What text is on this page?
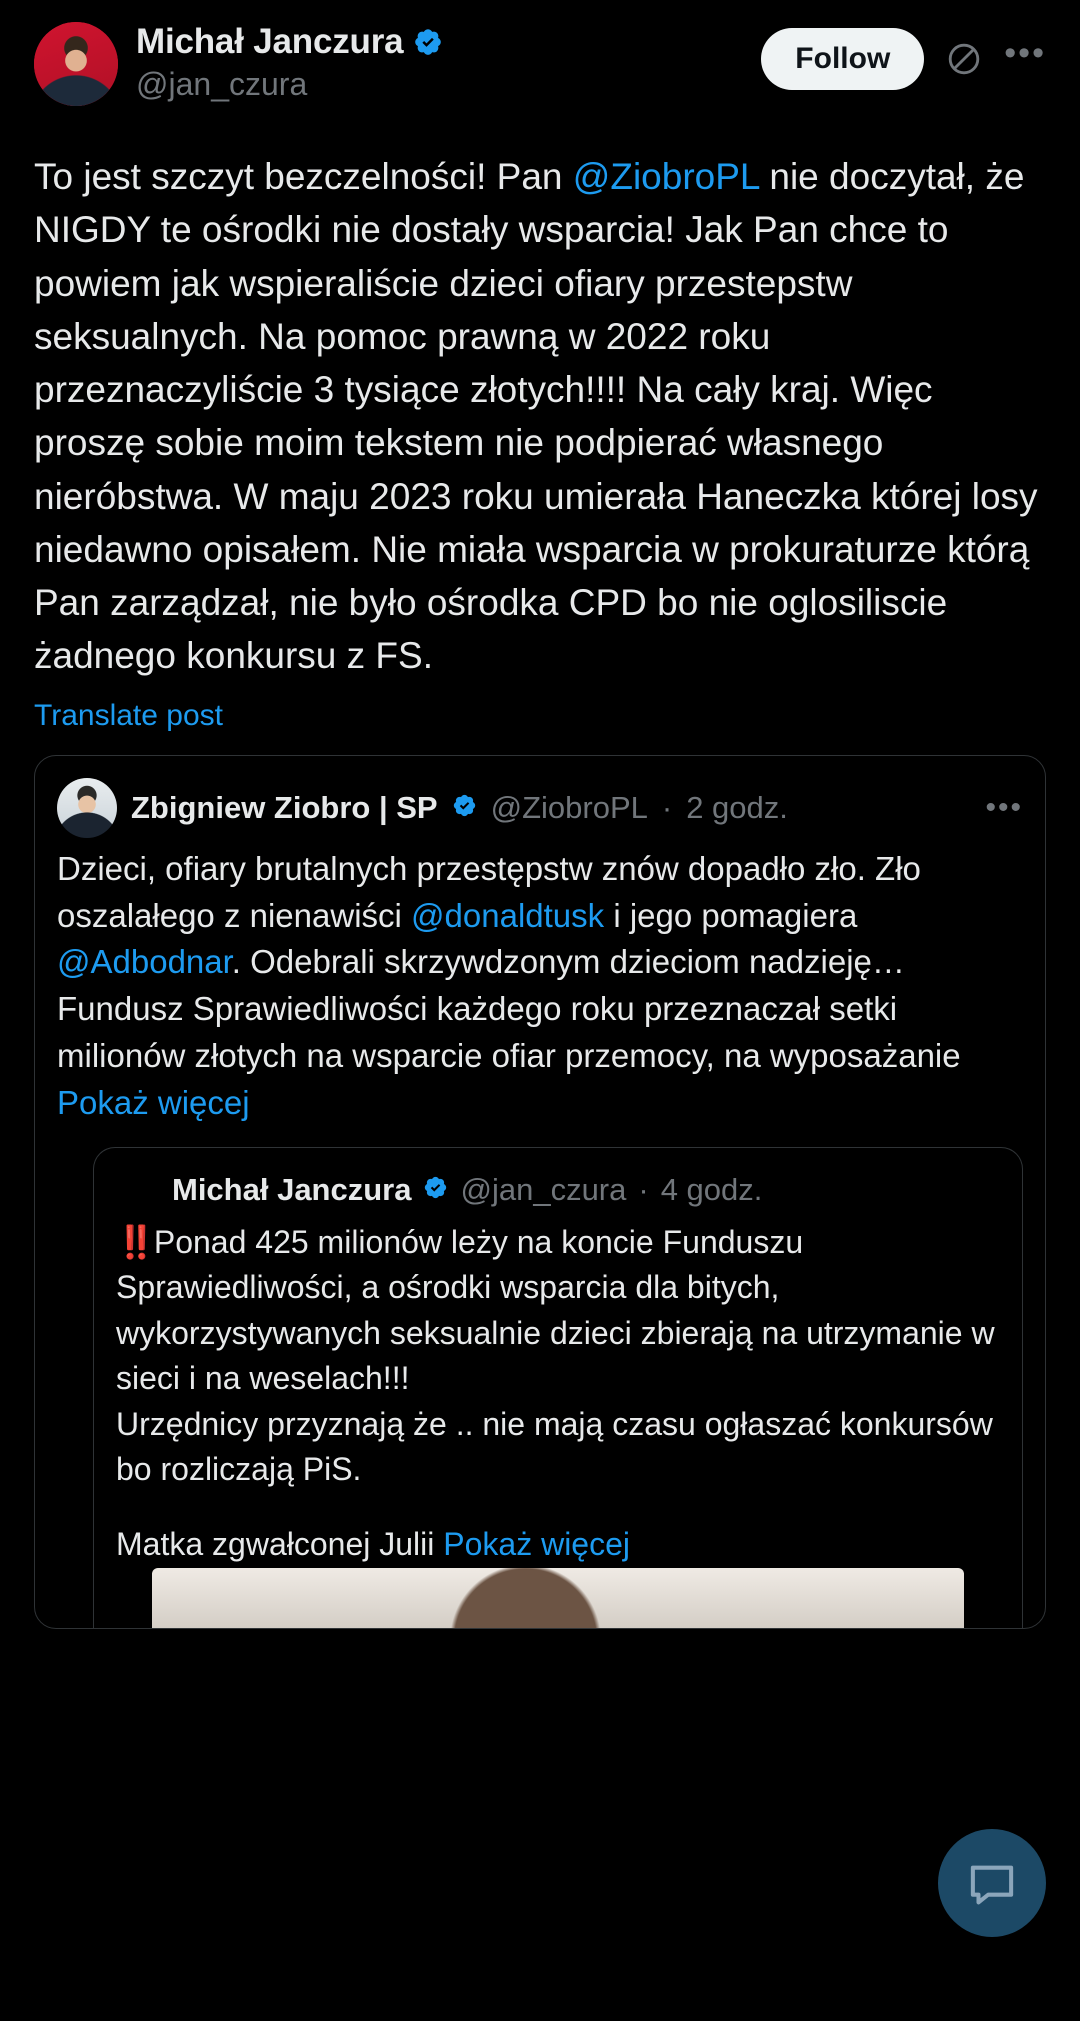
Michał Janczura
@jan_czura
Follow	•••
To jest szczyt bezczelności! Pan @ZiobroPL nie doczytał, że NIGDY te ośrodki nie dostały wsparcia! Jak Pan chce to powiem jak wspieraliście dzieci ofiary przestepstw seksualnych. Na pomoc prawną w 2022 roku przeznaczyliście 3 tysiące złotych!!!! Na cały kraj. Więc proszę sobie moim tekstem nie podpierać własnego nieróbstwa. W maju 2023 roku umierała Haneczka której losy niedawno opisałem. Nie miała wsparcia w prokuraturze którą Pan zarządzał, nie było ośrodka CPD bo nie oglosiliscie żadnego konkursu z FS.
Translate post
Zbigniew Ziobro | SP @ZiobroPL · 2 godz.	•••
Dzieci, ofiary brutalnych przestępstw znów dopadło zło. Zło oszalałego z nienawiści @donaldtusk i jego pomagiera @Adbodnar. Odebrali skrzywdzonym dzieciom nadzieję… Fundusz Sprawiedliwości każdego roku przeznaczał setki milionów złotych na wsparcie ofiar przemocy, na wyposażanie Pokaż więcej
Michał Janczura @jan_czura · 4 godz.
‼️Ponad 425 milionów leży na koncie Funduszu Sprawiedliwości, a ośrodki wsparcia dla bitych, wykorzystywanych seksualnie dzieci zbierają na utrzymanie w sieci i na weselach!!!
Urzędnicy przyznają że .. nie mają czasu ogłaszać konkursów bo rozliczają PiS.
Matka zgwałconej Julii Pokaż więcej
